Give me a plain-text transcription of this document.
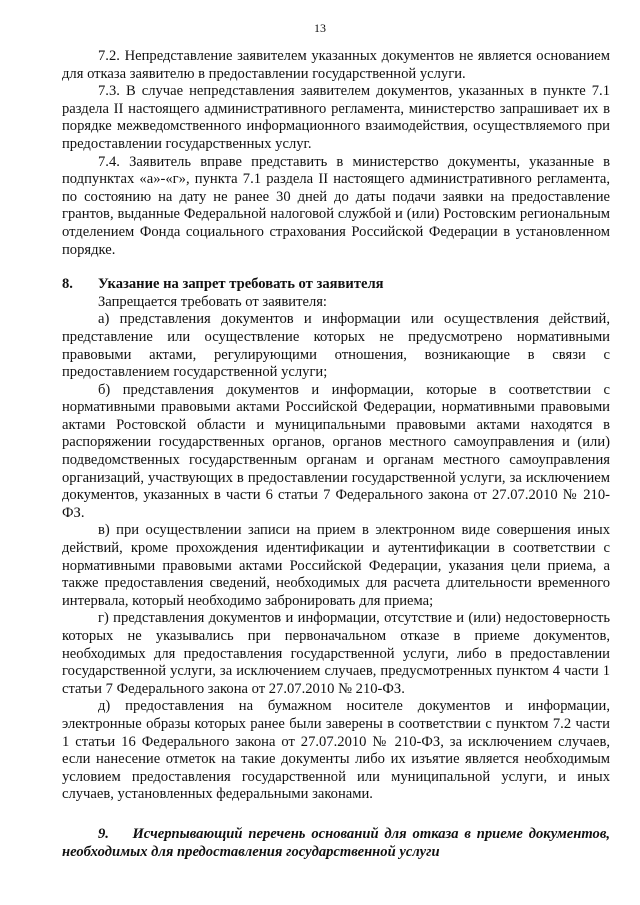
13

7.2. Непредставление заявителем указанных документов не является основанием для отказа заявителю в предоставлении государственной услуги.

7.3. В случае непредставления заявителем документов, указанных в пункте 7.1 раздела II настоящего административного регламента, министерство запрашивает их в порядке межведомственного информационного взаимодействия, осуществляемого при предоставлении государственных услуг.

7.4. Заявитель вправе представить в министерство документы, указанные в подпунктах «а»-«г», пункта 7.1 раздела II настоящего административного регламента, по состоянию на дату не ранее 30 дней до даты подачи заявки на предоставление грантов, выданные Федеральной налоговой службой и (или) Ростовским региональным отделением Фонда социального страхования Российской Федерации в установленном порядке.

8. Указание на запрет требовать от заявителя

Запрещается требовать от заявителя:

а) представления документов и информации или осуществления действий, представление или осуществление которых не предусмотрено нормативными правовыми актами, регулирующими отношения, возникающие в связи с предоставлением государственной услуги;

б) представления документов и информации, которые в соответствии с нормативными правовыми актами Российской Федерации, нормативными правовыми актами Ростовской области и муниципальными правовыми актами находятся в распоряжении государственных органов, органов местного самоуправления и (или) подведомственных государственным органам и органам местного самоуправления организаций, участвующих в предоставлении государственной услуги, за исключением документов, указанных в части 6 статьи 7 Федерального закона от 27.07.2010 № 210-ФЗ.

в) при осуществлении записи на прием в электронном виде совершения иных действий, кроме прохождения идентификации и аутентификации в соответствии с нормативными правовыми актами Российской Федерации, указания цели приема, а также предоставления сведений, необходимых для расчета длительности временного интервала, который необходимо забронировать для приема;

г) представления документов и информации, отсутствие и (или) недостоверность которых не указывались при первоначальном отказе в приеме документов, необходимых для предоставления государственной услуги, либо в предоставлении государственной услуги, за исключением случаев, предусмотренных пунктом 4 части 1 статьи 7 Федерального закона от 27.07.2010 № 210-ФЗ.

д) предоставления на бумажном носителе документов и информации, электронные образы которых ранее были заверены в соответствии с пунктом 7.2 части 1 статьи 16 Федерального закона от 27.07.2010 № 210-ФЗ, за исключением случаев, если нанесение отметок на такие документы либо их изъятие является необходимым условием предоставления государственной или муниципальной услуги, и иных случаев, установленных федеральными законами.

9. Исчерпывающий перечень оснований для отказа в приеме документов, необходимых для предоставления государственной услуги
